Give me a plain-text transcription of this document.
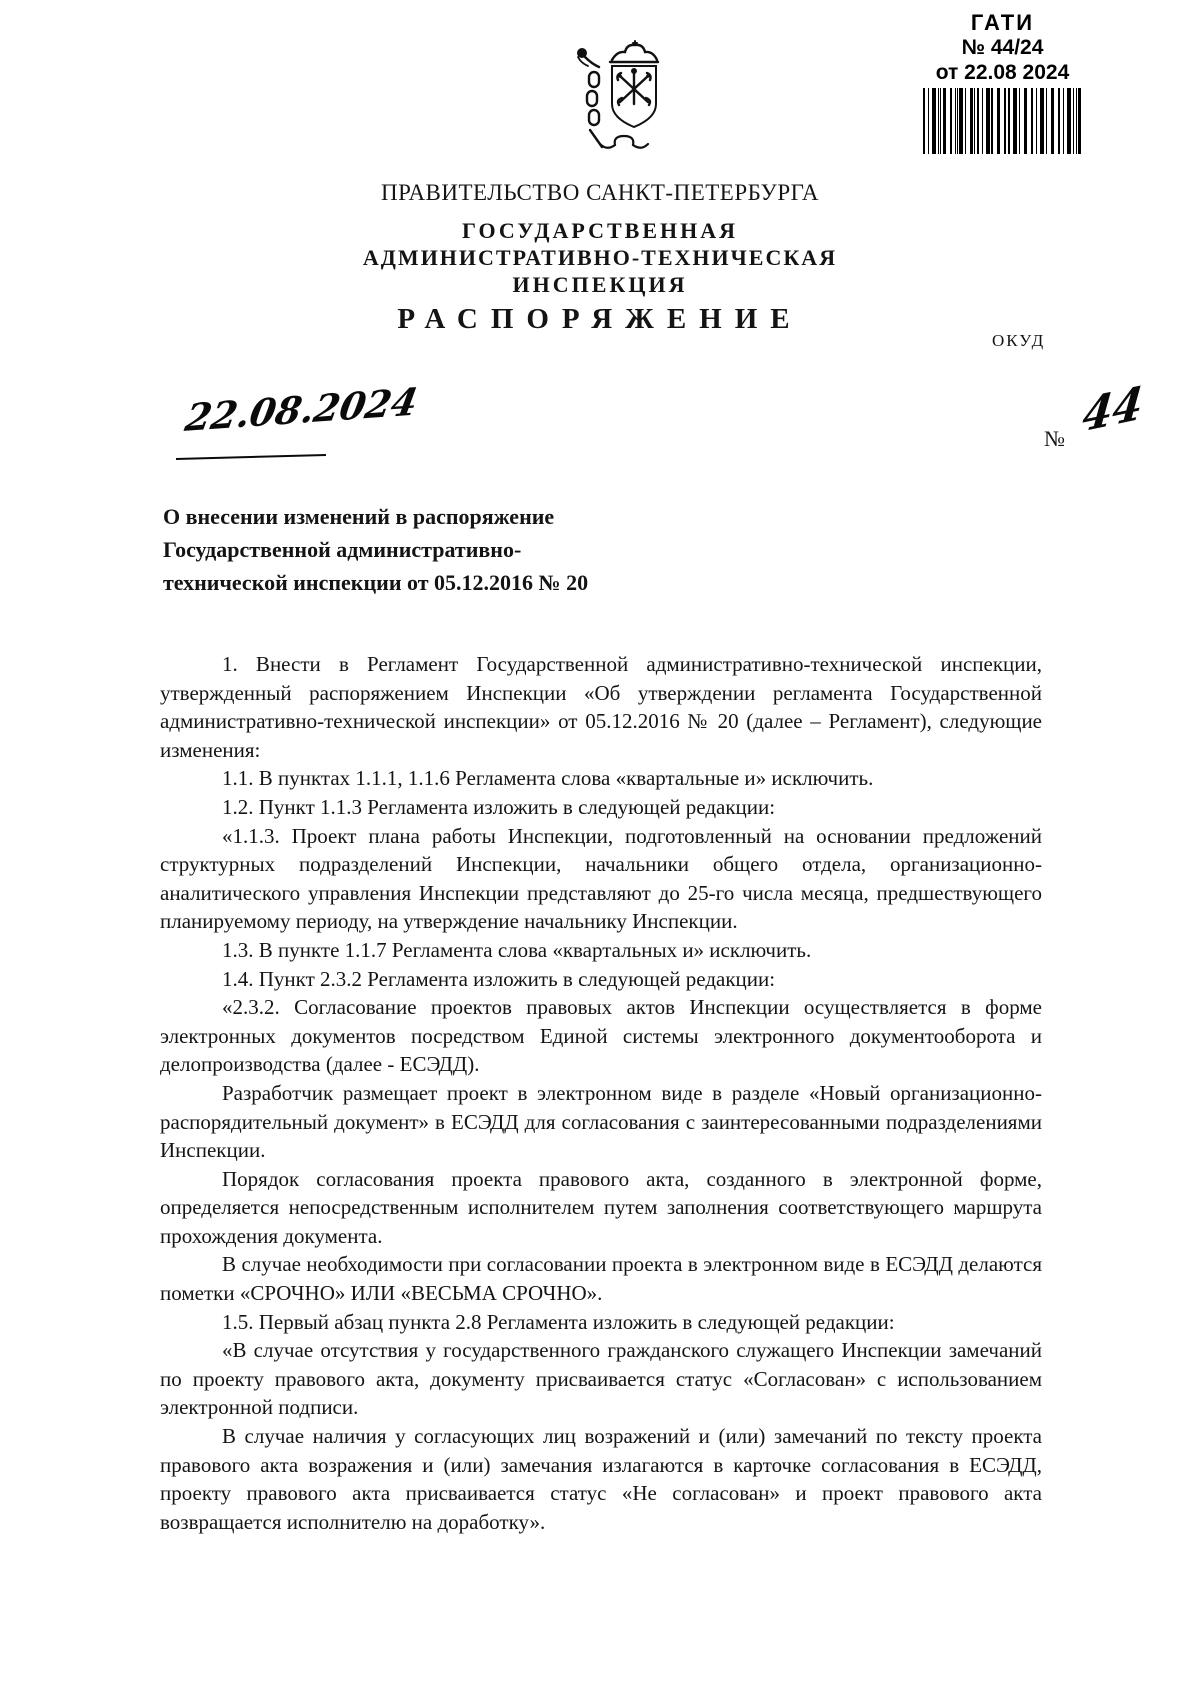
ГАТИ
№ 44/24
от 22.08 2024
ПРАВИТЕЛЬСТВО САНКТ-ПЕТЕРБУРГА
ГОСУДАРСТВЕННАЯ
АДМИНИСТРАТИВНО-ТЕХНИЧЕСКАЯ
ИНСПЕКЦИЯ
РАСПОРЯЖЕНИЕ
ОКУД
22.08.2024	№ 44
О внесении изменений в распоряжение
Государственной административно-
технической инспекции от 05.12.2016 № 20

1. Внести в Регламент Государственной административно-технической инспекции, утвержденный распоряжением Инспекции «Об утверждении регламента Государственной административно-технической инспекции» от 05.12.2016 № 20 (далее – Регламент), следующие изменения:

1.1. В пунктах 1.1.1, 1.1.6 Регламента слова «квартальные и» исключить.

1.2. Пункт 1.1.3 Регламента изложить в следующей редакции:

«1.1.3. Проект плана работы Инспекции, подготовленный на основании предложений структурных подразделений Инспекции, начальники общего отдела, организационно-аналитического управления Инспекции представляют до 25-го числа месяца, предшествующего планируемому периоду, на утверждение начальнику Инспекции.

1.3. В пункте 1.1.7 Регламента слова «квартальных и» исключить.

1.4. Пункт 2.3.2 Регламента изложить в следующей редакции:

«2.3.2. Согласование проектов правовых актов Инспекции осуществляется в форме электронных документов посредством Единой системы электронного документооборота и делопроизводства (далее - ЕСЭДД).

Разработчик размещает проект в электронном виде в разделе «Новый организационно-распорядительный документ» в ЕСЭДД для согласования с заинтересованными подразделениями Инспекции.

Порядок согласования проекта правового акта, созданного в электронной форме, определяется непосредственным исполнителем путем заполнения соответствующего маршрута прохождения документа.

В случае необходимости при согласовании проекта в электронном виде в ЕСЭДД делаются пометки «СРОЧНО» ИЛИ «ВЕСЬМА СРОЧНО».

1.5. Первый абзац пункта 2.8 Регламента изложить в следующей редакции:

«В случае отсутствия у государственного гражданского служащего Инспекции замечаний по проекту правового акта, документу присваивается статус «Согласован» с использованием электронной подписи.

В случае наличия у согласующих лиц возражений и (или) замечаний по тексту проекта правового акта возражения и (или) замечания излагаются в карточке согласования в ЕСЭДД, проекту правового акта присваивается статус «Не согласован» и проект правового акта возвращается исполнителю на доработку».
